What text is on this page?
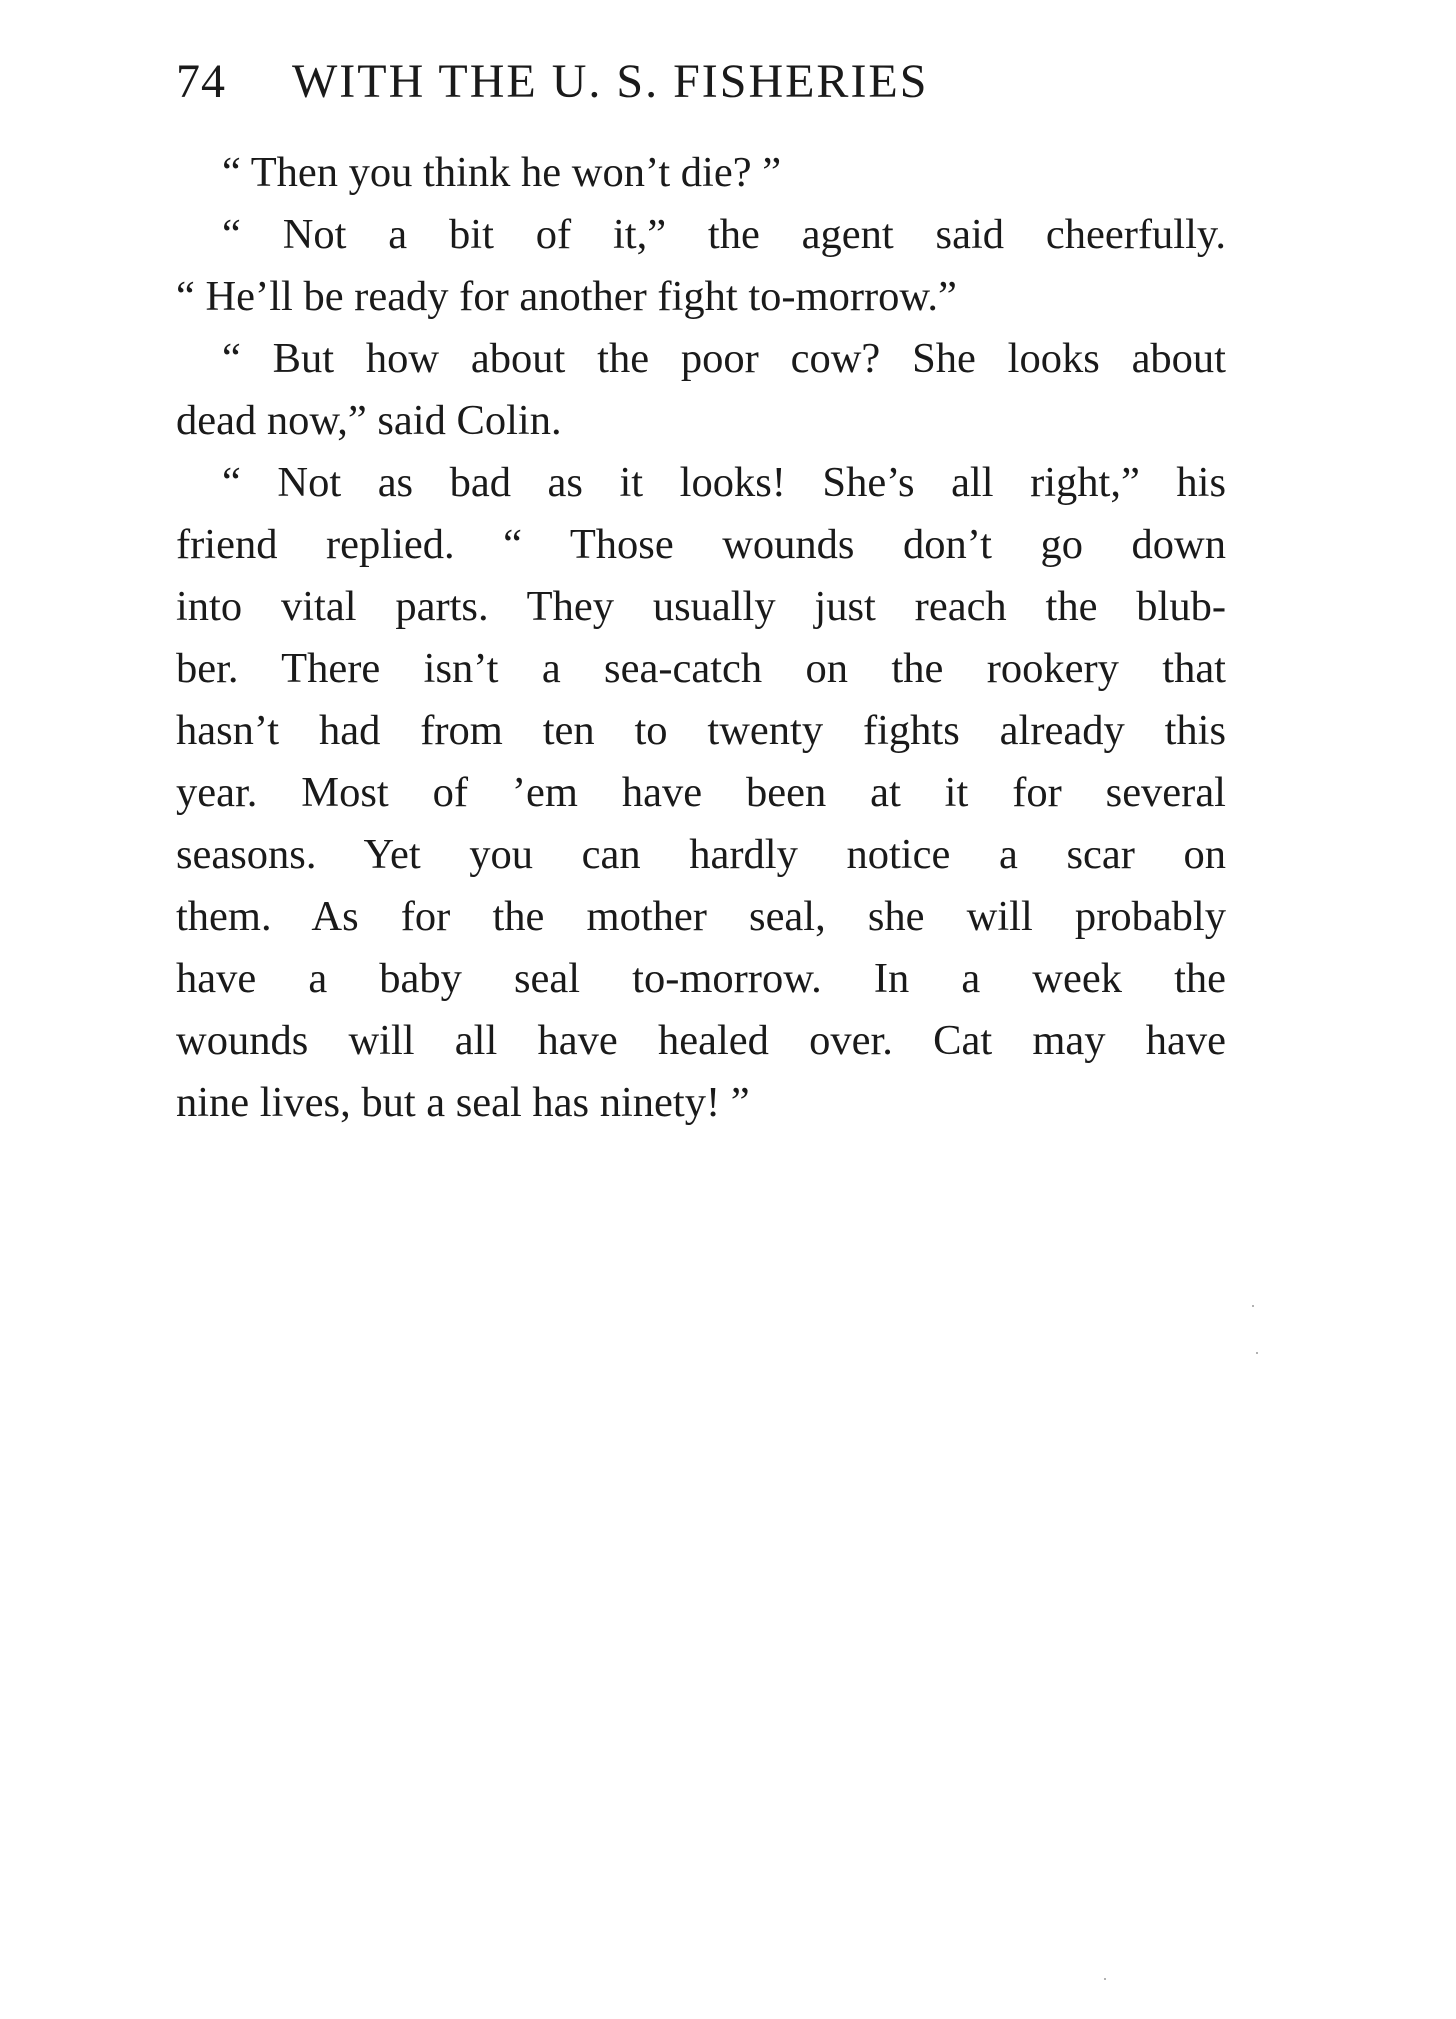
74 WITH THE U. S. FISHERIES
“ Then you think he won’t die? ”
“ Not a bit of it,” the agent said cheerfully.
“ He’ll be ready for another fight to-morrow.”
“ But how about the poor cow? She looks about
dead now,” said Colin.
“ Not as bad as it looks! She’s all right,” his
friend replied. “ Those wounds don’t go down
into vital parts. They usually just reach the blub-
ber. There isn’t a sea-catch on the rookery that
hasn’t had from ten to twenty fights already this
year. Most of ’em have been at it for several
seasons. Yet you can hardly notice a scar on
them. As for the mother seal, she will probably
have a baby seal to-morrow. In a week the
wounds will all have healed over. Cat may have
nine lives, but a seal has ninety! ”
